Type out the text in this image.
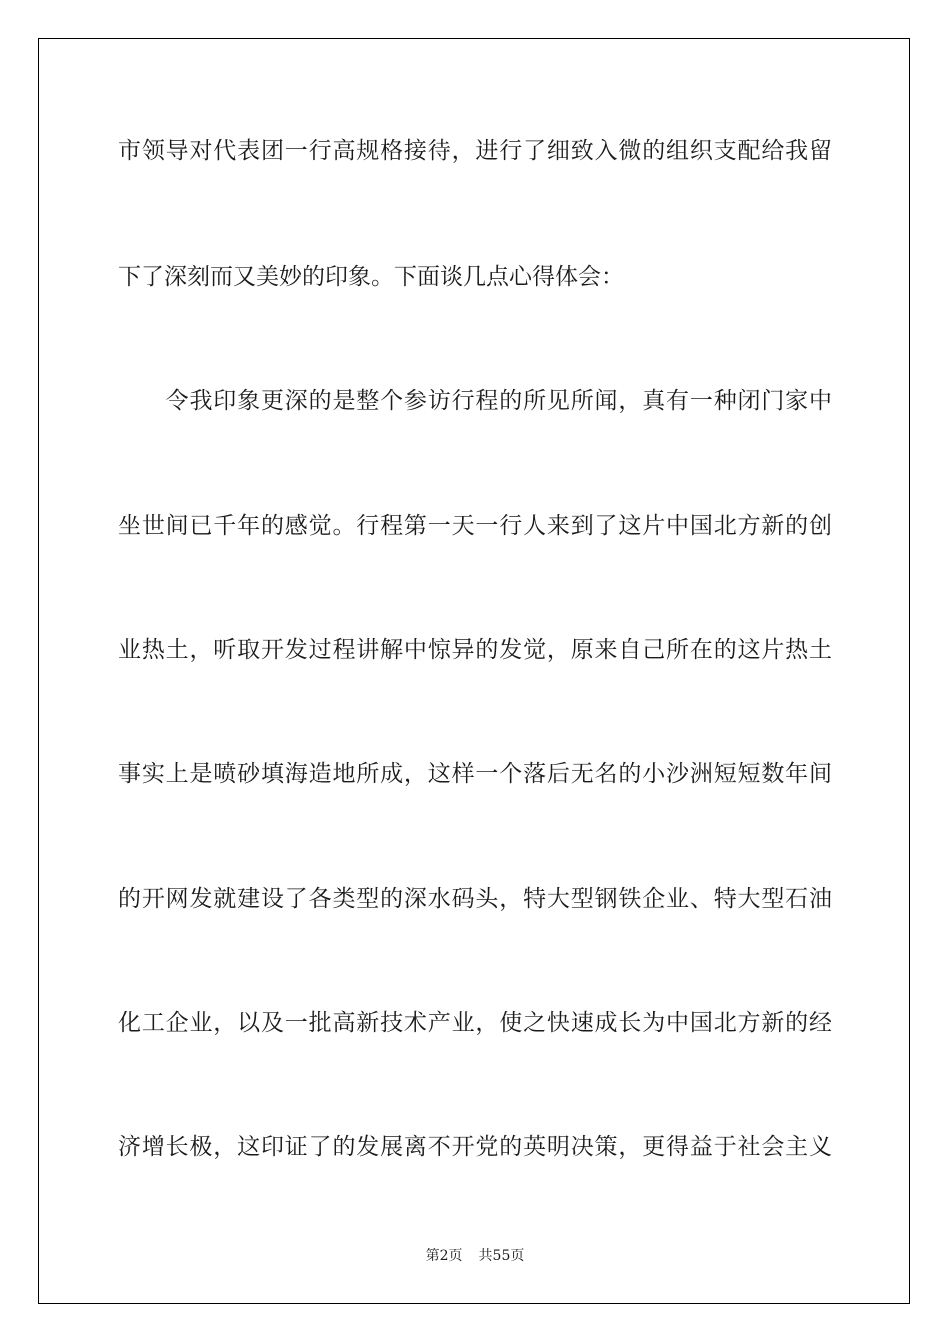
市领导对代表团一行高规格接待，进行了细致入微的组织支配给我留
下了深刻而又美妙的印象。下面谈几点心得体会：
　　令我印象更深的是整个参访行程的所见所闻，真有一种闭门家中
坐世间已千年的感觉。行程第一天一行人来到了这片中国北方新的创
业热土，听取开发过程讲解中惊异的发觉，原来自己所在的这片热土
事实上是喷砂填海造地所成，这样一个落后无名的小沙洲短短数年间
的开网发就建设了各类型的深水码头，特大型钢铁企业、特大型石油
化工企业，以及一批高新技术产业，使之快速成长为中国北方新的经
济增长极，这印证了的发展离不开党的英明决策，更得益于社会主义
第2页 共55页
